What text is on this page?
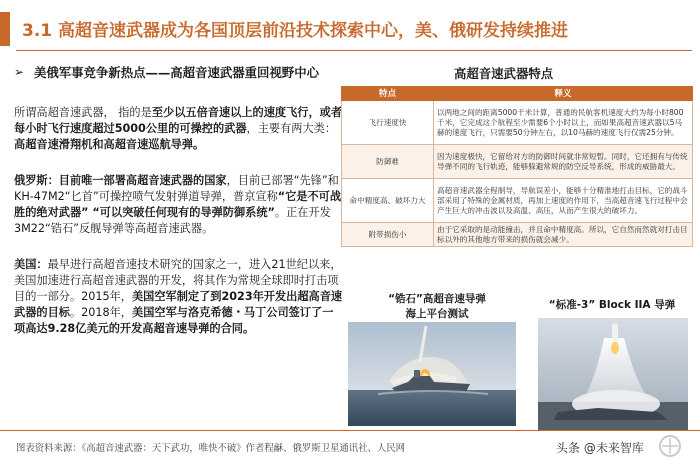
3.1 高超音速武器成为各国顶层前沿技术探索中心，美、俄研发持续推进
➢ 美俄军事竞争新热点——高超音速武器重回视野中心

所谓高超音速武器， 指的是至少以五倍音速以上的速度飞行，或者每小时飞行速度超过5000公里的可操控的武器，主要有两大类：高超音速滑翔机和高超音速巡航导弹。

俄罗斯：目前唯一部署高超音速武器的国家，目前已部署“先锋”和KH-47M2“匕首”可操控喷气发射弹道导弹，普京宣称“它是不可战胜的绝对武器” “可以突破任何现有的导弹防御系统”。正在开发3M22“锆石”反舰导弹等高超音速武器。

美国：最早进行高超音速技术研究的国家之一，进入21世纪以来，美国加速进行高超音速武器的开发，将其作为常规全球即时打击项目的一部分。2015年，美国空军制定了到2023年开发出超高音速武器的目标。2018年，美国空军与洛克希德・马丁公司签订了一项高达9.28亿美元的开发高超音速导弹的合同。

高超音速武器特点
特点	释义
飞行速度快	以两地之间的距离5000千米计算，普通的民航客机速度大约为每小时800千米，它完成这个航程至少需要6个小时以上，而如果高超音速武器以5马赫的速度飞行，只需要50分钟左右，以10马赫的速度飞行仅需25分钟。
防御难	因为速度极快，它留给对方的防御时间就非常短暂。同时，它还拥有与传统导弹不同的飞行轨迹，能够躲避常规的防空反导系统，形成的威胁最大。
命中精度高、破坏力大	高超音速武器全程制导，导航误差小，能够十分精准地打击目标，它的战斗部采用了特殊的金属材质，再加上速度的作用下，当高超音速飞行过程中会产生巨大的冲击波以及高温、高压，从而产生很大的破坏力。
附带损伤小	由于它采取的是动能撞击，并且命中精度高。所以，它自然而然就对打击目标以外的其他地方带来的损伤就会减少。
“锆石”高超音速导弹
海上平台测试
“标准-3” Block IIA 导弹
图表资料来源：《高超音速武器：天下武功，唯快不破》作者程龢、俄罗斯卫星通讯社、人民网	头条 @未来智库
